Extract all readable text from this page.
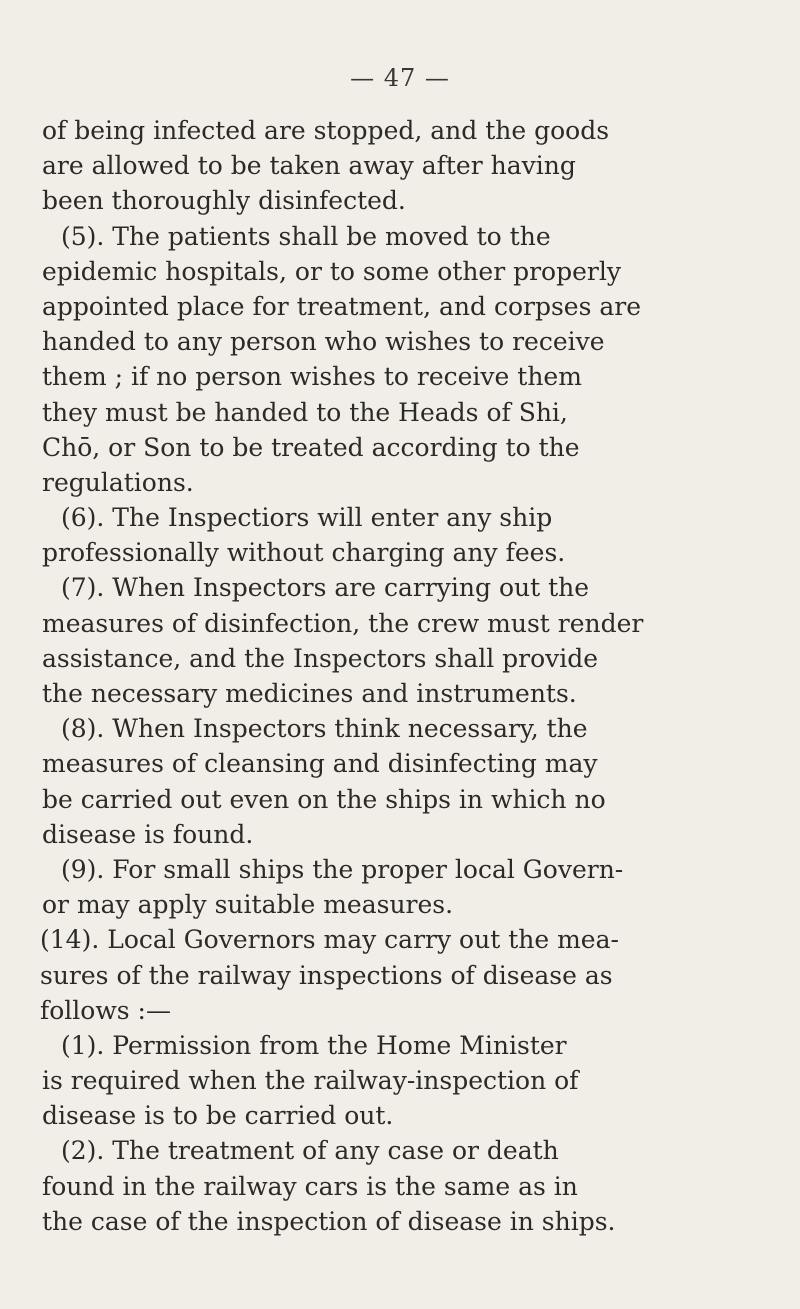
— 47 —
of being infected are stopped, and the goods
are allowed to be taken away after having
been thoroughly disinfected.
(5). The patients shall be moved to the
epidemic hospitals, or to some other properly
appointed place for treatment, and corpses are
handed to any person who wishes to receive
them ; if no person wishes to receive them
they must be handed to the Heads of Shi,
Chō, or Son to be treated according to the
regulations.
(6). The Inspectiors will enter any ship
professionally without charging any fees.
(7). When Inspectors are carrying out the
measures of disinfection, the crew must render
assistance, and the Inspectors shall provide
the necessary medicines and instruments.
(8). When Inspectors think necessary, the
measures of cleansing and disinfecting may
be carried out even on the ships in which no
disease is found.
(9). For small ships the proper local Govern-
or may apply suitable measures.
(14). Local Governors may carry out the mea-
sures of the railway inspections of disease as
follows :—
(1). Permission from the Home Minister
is required when the railway-inspection of
disease is to be carried out.
(2). The treatment of any case or death
found in the railway cars is the same as in
the case of the inspection of disease in ships.
